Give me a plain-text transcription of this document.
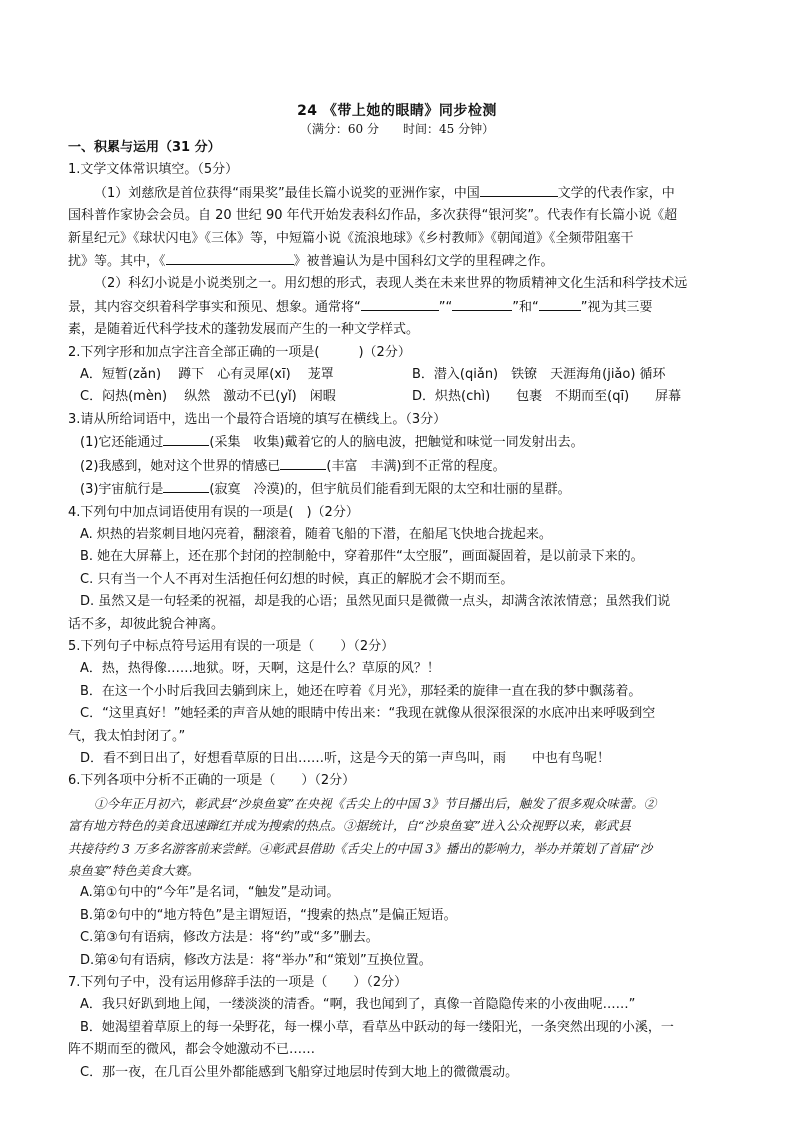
24 《带上她的眼睛》同步检测
（满分：60 分　　时间：45 分钟）

一、积累与运用（31 分）

1.文学文体常识填空。（5分）

（1）刘慈欣是首位获得“雨果奖”最佳长篇小说奖的亚洲作家，中国	文学的代表作家，中

国科普作家协会会员。自 20 世纪 90 年代开始发表科幻作品，多次获得“银河奖”。代表作有长篇小说《超

新星纪元》《球状闪电》《三体》等，中短篇小说《流浪地球》《乡村教师》《朝闻道》《全频带阻塞干

扰》等。其中，《	》被普遍认为是中国科幻文学的里程碑之作。

（2）科幻小说是小说类别之一。用幻想的形式，表现人类在未来世界的物质精神文化生活和科学技术远

景，其内容交织着科学事实和预见、想象。通常将“	”“	”和“	”视为其三要

素，是随着近代科学技术的蓬勃发展而产生的一种文学样式。

2.下列字形和加点字注音全部正确的一项是(　　　)（2分）

A．短暂(zǎn)　 蹲下　心有灵犀(xī)　 茏罩	B．潜入(qiǎn)　铁镣　天涯海角(jiǎo) 循环

C．闷热(mèn)　 纵然　激动不已(yǐ)　闲暇	D．炽热(chì)　　包裹　不期而至(qī)　　屏幕

3.请从所给词语中，选出一个最符合语境的填写在横线上。（3分）

(1)它还能通过	(采集　收集)戴着它的人的脑电波，把触觉和味觉一同发射出去。

(2)我感到，她对这个世界的情感已	(丰富　丰满)到不正常的程度。

(3)宇宙航行是	(寂寞　冷漠)的，但宇航员们能看到无限的太空和壮丽的星群。

4.下列句中加点词语使用有误的一项是(　)（2分）

A. 炽热的岩浆刺目地闪亮着，翻滚着，随着飞船的下潜，在船尾飞快地合拢起来。

B. 她在大屏幕上，还在那个封闭的控制舱中，穿着那件“太空服”，画面凝固着，是以前录下来的。

C. 只有当一个人不再对生活抱任何幻想的时候，真正的解脱才会不期而至。

D. 虽然又是一句轻柔的祝福，却是我的心语；虽然见面只是微微一点头，却满含浓浓情意；虽然我们说

话不多，却彼此貌合神离。

5.下列句子中标点符号运用有误的一项是（　　）（2分）

A．热，热得像……地狱。呀，天啊，这是什么？草原的风？！

B．在这一个小时后我回去躺到床上，她还在哼着《月光》，那轻柔的旋律一直在我的梦中飘荡着。

C．“这里真好！”她轻柔的声音从她的眼睛中传出来：“我现在就像从很深很深的水底冲出来呼吸到空

气，我太怕封闭了。”

D．看不到日出了，好想看草原的日出……听，这是今天的第一声鸟叫，雨　　中也有鸟呢！

6.下列各项中分析不正确的一项是（　　）（2分）

①今年正月初六，彰武县“沙泉鱼宴”在央视《舌尖上的中国 3》节目播出后，触发了很多观众味蕾。②

富有地方特色的美食迅速蹿红并成为搜索的热点。③据统计，自“沙泉鱼宴”进入公众视野以来，彰武县

共接待约 3 万多名游客前来尝鲜。④彰武县借助《舌尖上的中国 3》播出的影响力，举办并策划了首届“沙

泉鱼宴”特色美食大赛。

A.第①句中的“今年”是名词，“触发”是动词。

B.第②句中的“地方特色”是主谓短语，“搜索的热点”是偏正短语。

C.第③句有语病，修改方法是：将“约”或“多”删去。

D.第④句有语病，修改方法是：将“举办”和“策划”互换位置。

7.下列句子中，没有运用修辞手法的一项是（　　）（2分）

A．我只好趴到地上闻，一缕淡淡的清香。“啊，我也闻到了，真像一首隐隐传来的小夜曲呢……”

B．她渴望着草原上的每一朵野花，每一棵小草，看草丛中跃动的每一缕阳光，一条突然出现的小溪，一

阵不期而至的微风，都会令她激动不已……

C．那一夜，在几百公里外都能感到飞船穿过地层时传到大地上的微微震动。
